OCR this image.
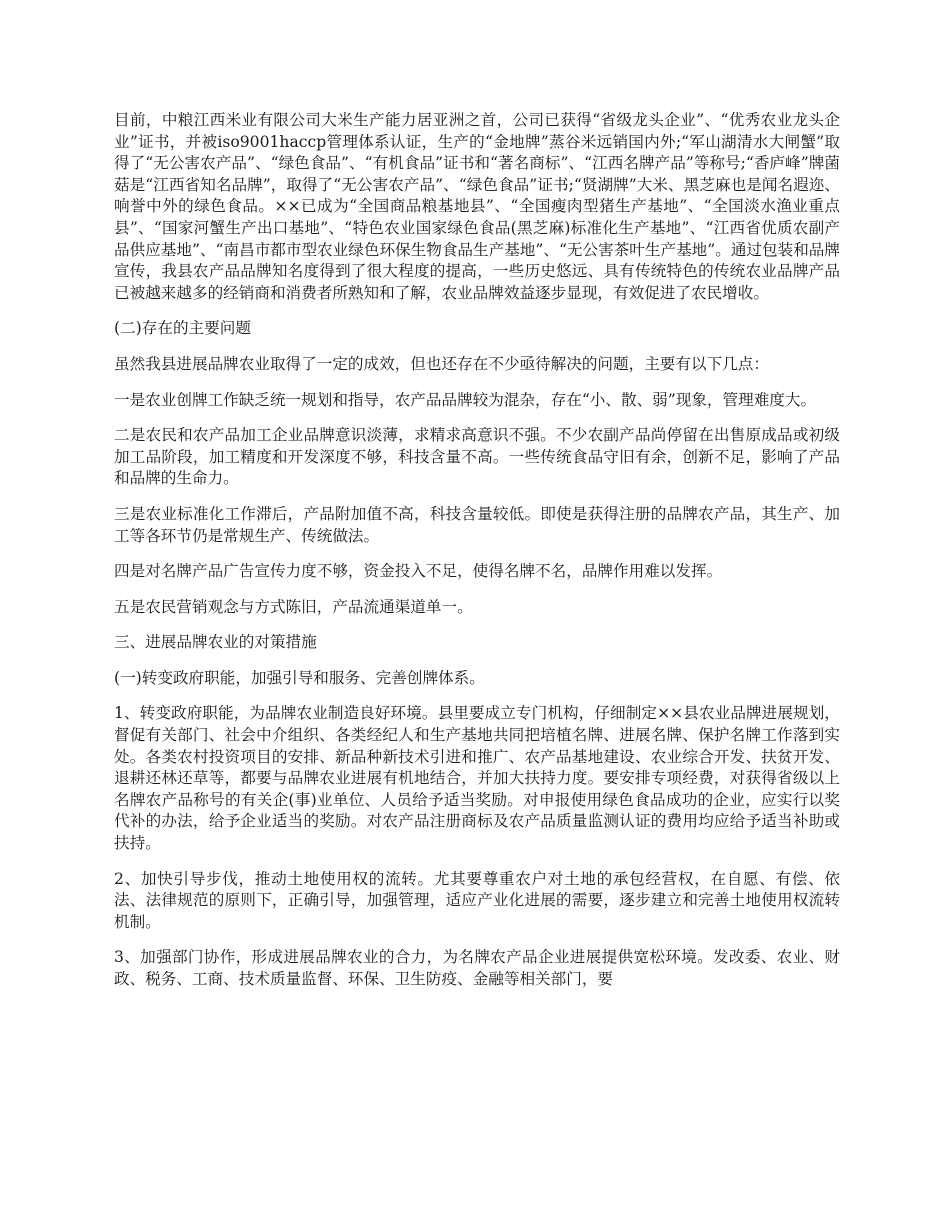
目前，中粮江西米业有限公司大米生产能力居亚洲之首，公司已获得“省级龙头企业”、“优秀农业龙头企业”证书，并被iso9001haccp管理体系认证，生产的“金地牌”蒸谷米远销国内外;“军山湖清水大闸蟹”取得了“无公害农产品”、“绿色食品”、“有机食品”证书和“著名商标”、“江西名牌产品”等称号;“香庐峰”牌菌菇是“江西省知名品牌”，取得了“无公害农产品”、“绿色食品”证书;“贤湖牌”大米、黑芝麻也是闻名遐迩、响誉中外的绿色食品。××已成为“全国商品粮基地县”、“全国瘦肉型猪生产基地”、“全国淡水渔业重点县”、“国家河蟹生产出口基地”、“特色农业国家绿色食品(黑芝麻)标准化生产基地”、“江西省优质农副产品供应基地”、“南昌市都市型农业绿色环保生物食品生产基地”、“无公害茶叶生产基地”。通过包装和品牌宣传，我县农产品品牌知名度得到了很大程度的提高，一些历史悠远、具有传统特色的传统农业品牌产品已被越来越多的经销商和消费者所熟知和了解，农业品牌效益逐步显现，有效促进了农民增收。

(二)存在的主要问题

虽然我县进展品牌农业取得了一定的成效，但也还存在不少亟待解决的问题，主要有以下几点：

一是农业创牌工作缺乏统一规划和指导，农产品品牌较为混杂，存在“小、散、弱”现象，管理难度大。

二是农民和农产品加工企业品牌意识淡薄，求精求高意识不强。不少农副产品尚停留在出售原成品或初级加工品阶段，加工精度和开发深度不够，科技含量不高。一些传统食品守旧有余，创新不足，影响了产品和品牌的生命力。

三是农业标准化工作滞后，产品附加值不高，科技含量较低。即使是获得注册的品牌农产品，其生产、加工等各环节仍是常规生产、传统做法。

四是对名牌产品广告宣传力度不够，资金投入不足，使得名牌不名，品牌作用难以发挥。

五是农民营销观念与方式陈旧，产品流通渠道单一。

三、进展品牌农业的对策措施

(一)转变政府职能，加强引导和服务、完善创牌体系。

1、转变政府职能，为品牌农业制造良好环境。县里要成立专门机构，仔细制定××县农业品牌进展规划，督促有关部门、社会中介组织、各类经纪人和生产基地共同把培植名牌、进展名牌、保护名牌工作落到实处。各类农村投资项目的安排、新品种新技术引进和推广、农产品基地建设、农业综合开发、扶贫开发、退耕还林还草等，都要与品牌农业进展有机地结合，并加大扶持力度。要安排专项经费，对获得省级以上名牌农产品称号的有关企(事)业单位、人员给予适当奖励。对申报使用绿色食品成功的企业，应实行以奖代补的办法，给予企业适当的奖励。对农产品注册商标及农产品质量监测认证的费用均应给予适当补助或扶持。

2、加快引导步伐，推动土地使用权的流转。尤其要尊重农户对土地的承包经营权，在自愿、有偿、依法、法律规范的原则下，正确引导，加强管理，适应产业化进展的需要，逐步建立和完善土地使用权流转机制。

3、加强部门协作，形成进展品牌农业的合力，为名牌农产品企业进展提供宽松环境。发改委、农业、财政、税务、工商、技术质量监督、环保、卫生防疫、金融等相关部门，要
